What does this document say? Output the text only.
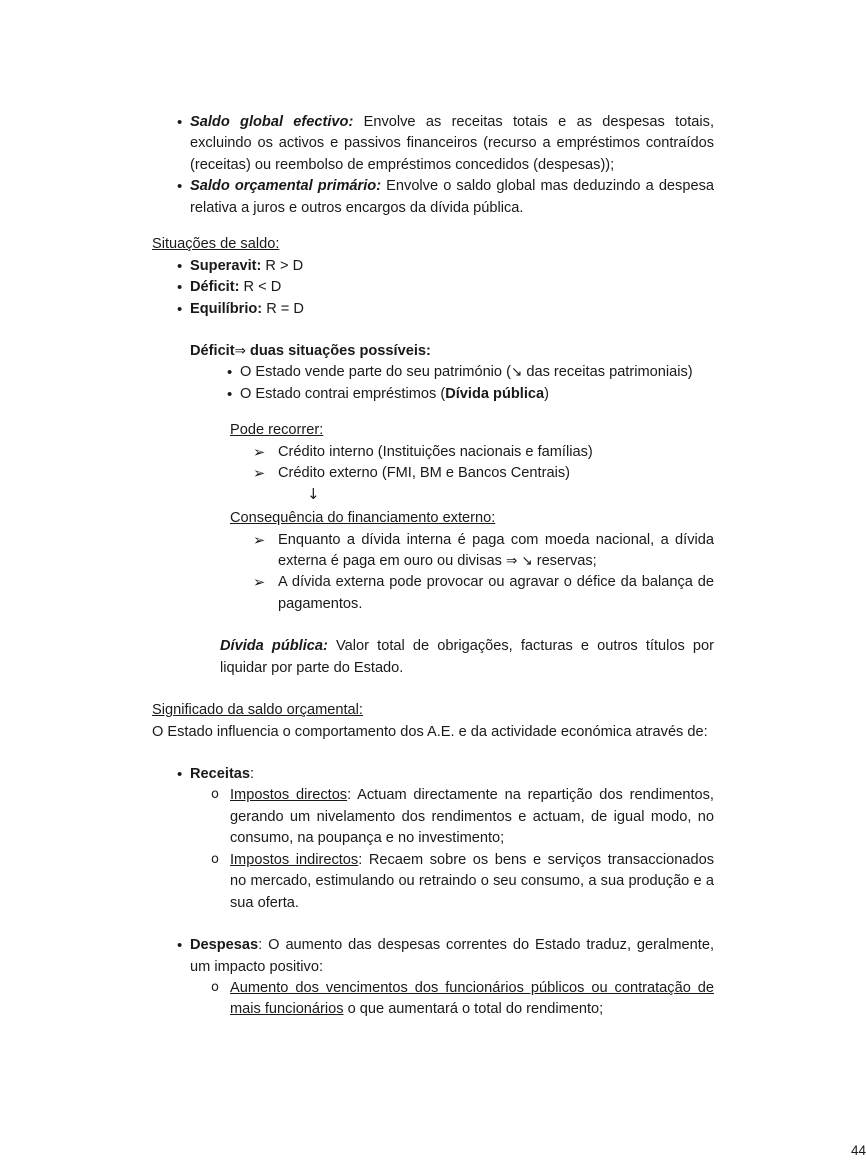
•
Saldo global efectivo: Envolve as receitas totais e as despesas totais, excluindo os activos e passivos financeiros (recurso a empréstimos contraídos (receitas) ou reembolso de empréstimos concedidos (despesas));
•
Saldo orçamental primário: Envolve o saldo global mas deduzindo a despesa relativa a juros e outros encargos da dívida pública.
Situações de saldo:
•
Superavit: R > D
•
Déficit: R < D
•
Equilíbrio: R = D
Déficit⇒ duas situações possíveis:
•
O Estado vende parte do seu património (↘ das receitas patrimoniais)
•
O Estado contrai empréstimos (Dívida pública)
Pode recorrer:
➢ Crédito interno (Instituições nacionais e famílias)
➢ Crédito externo (FMI, BM e Bancos Centrais)
↓
Consequência do financiamento externo:
➢ Enquanto a dívida interna é paga com moeda nacional, a dívida externa é paga em ouro ou divisas ⇒ ↘ reservas;
➢ A dívida externa pode provocar ou agravar o défice da balança de pagamentos.
Dívida pública: Valor total de obrigações, facturas e outros títulos por liquidar por parte do Estado.
Significado da saldo orçamental:
O Estado influencia o comportamento dos A.E. e da actividade económica através de:
•
Receitas:
o Impostos directos: Actuam directamente na repartição dos rendimentos, gerando um nivelamento dos rendimentos e actuam, de igual modo, no consumo, na poupança e no investimento;
o Impostos indirectos: Recaem sobre os bens e serviços transaccionados no mercado, estimulando ou retraindo o seu consumo, a sua produção e a sua oferta.
•
Despesas: O aumento das despesas correntes do Estado traduz, geralmente, um impacto positivo:
o Aumento dos vencimentos dos funcionários públicos ou contratação de mais funcionários o que aumentará o total do rendimento;
44
